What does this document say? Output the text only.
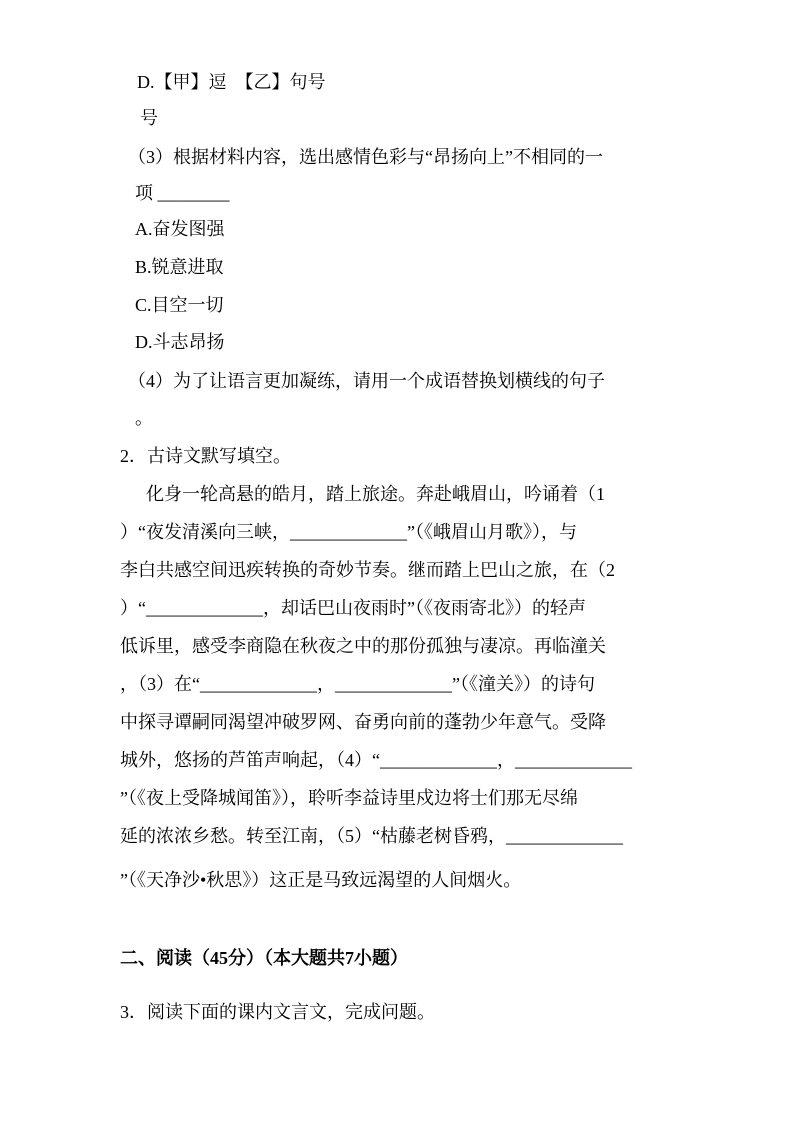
D.【甲】逗　【乙】句号
号
（3）根据材料内容，选出感情色彩与“昂扬向上”不相同的一
项 ________
A.奋发图强
B.锐意进取
C.目空一切
D.斗志昂扬
（4）为了让语言更加凝练，请用一个成语替换划横线的句子
。
2．古诗文默写填空。
化身一轮高悬的皓月，踏上旅途。奔赴峨眉山，吟诵着（1
）“夜发清溪向三峡，_____________”（《峨眉山月歌》），与
李白共感空间迅疾转换的奇妙节奏。继而踏上巴山之旅，在（2
）“_____________，却话巴山夜雨时”（《夜雨寄北》）的轻声
低诉里，感受李商隐在秋夜之中的那份孤独与凄凉。再临潼关
，（3）在“_____________，_____________”（《潼关》）的诗句
中探寻谭嗣同渴望冲破罗网、奋勇向前的蓬勃少年意气。受降
城外，悠扬的芦笛声响起，（4）“_____________，_____________
”（《夜上受降城闻笛》），聆听李益诗里戍边将士们那无尽绵
延的浓浓乡愁。转至江南，（5）“枯藤老树昏鸦，_____________
”（《天净沙•秋思》）这正是马致远渴望的人间烟火。
二、阅读（45分）（本大题共7小题）
3．阅读下面的课内文言文，完成问题。
